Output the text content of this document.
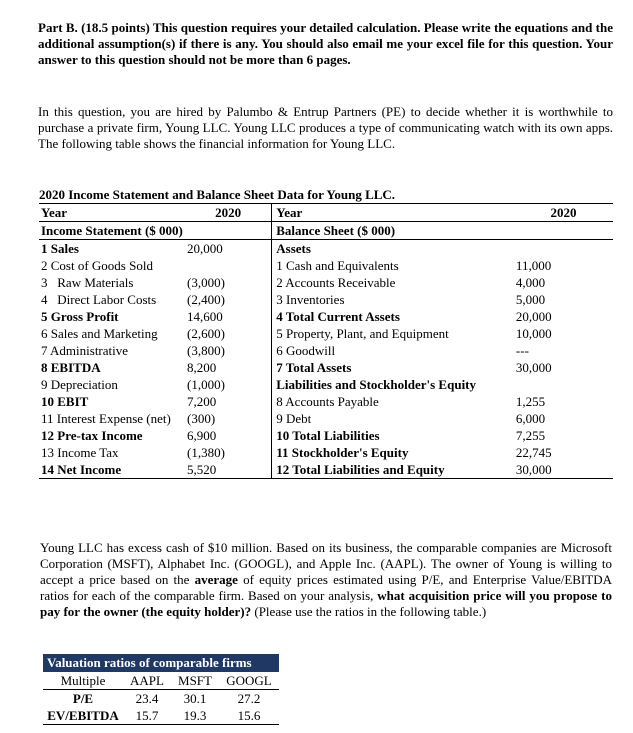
Part B. (18.5 points) This question requires your detailed calculation. Please write the equations and the additional assumption(s) if there is any. You should also email me your excel file for this question. Your answer to this question should not be more than 6 pages.

In this question, you are hired by Palumbo & Entrup Partners (PE) to decide whether it is worthwhile to purchase a private firm, Young LLC. Young LLC produces a type of communicating watch with its own apps. The following table shows the financial information for Young LLC.

2020 Income Statement and Balance Sheet Data for Young LLC.
Year	2020	Year	2020
Income Statement ($ 000)		Balance Sheet ($ 000)	
1 Sales	20,000	Assets	
2 Cost of Goods Sold		1 Cash and Equivalents	11,000
3   Raw Materials	(3,000)	2 Accounts Receivable	4,000
4   Direct Labor Costs	(2,400)	3 Inventories	5,000
5 Gross Profit	14,600	4 Total Current Assets	20,000
6 Sales and Marketing	(2,600)	5 Property, Plant, and Equipment	10,000
7 Administrative	(3,800)	6 Goodwill	---
8 EBITDA	8,200	7 Total Assets	30,000
9 Depreciation	(1,000)	Liabilities and Stockholder's Equity	
10 EBIT	7,200	8 Accounts Payable	1,255
11 Interest Expense (net)	(300)	9 Debt	6,000
12 Pre-tax Income	6,900	10 Total Liabilities	7,255
13 Income Tax	(1,380)	11 Stockholder's Equity	22,745
14 Net Income	5,520	12 Total Liabilities and Equity	30,000

Young LLC has excess cash of $10 million. Based on its business, the comparable companies are Microsoft Corporation (MSFT), Alphabet Inc. (GOOGL), and Apple Inc. (AAPL). The owner of Young is willing to accept a price based on the average of equity prices estimated using P/E, and Enterprise Value/EBITDA ratios for each of the comparable firm. Based on your analysis, what acquisition price will you propose to pay for the owner (the equity holder)? (Please use the ratios in the following table.)

Valuation ratios of comparable firms
Multiple	AAPL	MSFT	GOOGL
P/E	23.4	30.1	27.2
EV/EBITDA	15.7	19.3	15.6
